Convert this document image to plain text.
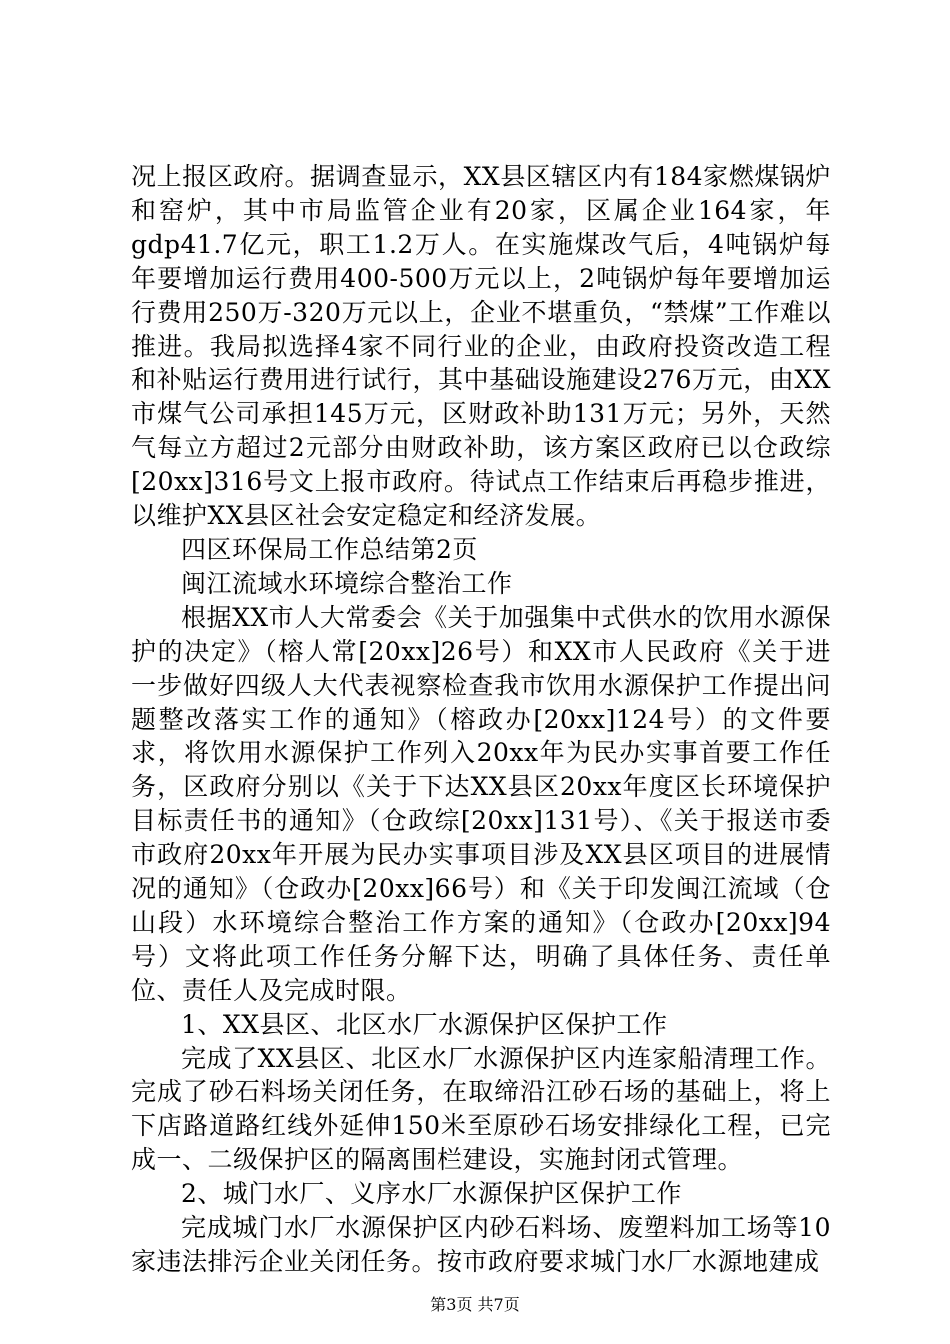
况上报区政府。据调查显示，XX县区辖区内有184家燃煤锅炉和窑炉，其中市局监管企业有20家，区属企业164家，年gdp41.7亿元，职工1.2万人。在实施煤改气后，4吨锅炉每年要增加运行费用400-500万元以上，2吨锅炉每年要增加运行费用250万-320万元以上，企业不堪重负，“禁煤”工作难以推进。我局拟选择4家不同行业的企业，由政府投资改造工程和补贴运行费用进行试行，其中基础设施建设276万元，由XX市煤气公司承担145万元，区财政补助131万元；另外，天然气每立方超过2元部分由财政补助，该方案区政府已以仓政综[20xx]316号文上报市政府。待试点工作结束后再稳步推进，以维护XX县区社会安定稳定和经济发展。

四区环保局工作总结第2页

闽江流域水环境综合整治工作

根据XX市人大常委会《关于加强集中式供水的饮用水源保护的决定》（榕人常[20xx]26号）和XX市人民政府《关于进一步做好四级人大代表视察检查我市饮用水源保护工作提出问题整改落实工作的通知》（榕政办[20xx]124号）的文件要求，将饮用水源保护工作列入20xx年为民办实事首要工作任务，区政府分别以《关于下达XX县区20xx年度区长环境保护目标责任书的通知》（仓政综[20xx]131号）、《关于报送市委市政府20xx年开展为民办实事项目涉及XX县区项目的进展情况的通知》（仓政办[20xx]66号）和《关于印发闽江流域（仓山段）水环境综合整治工作方案的通知》（仓政办[20xx]94号）文将此项工作任务分解下达，明确了具体任务、责任单位、责任人及完成时限。

1、XX县区、北区水厂水源保护区保护工作

完成了XX县区、北区水厂水源保护区内连家船清理工作。完成了砂石料场关闭任务，在取缔沿江砂石场的基础上，将上下店路道路红线外延伸150米至原砂石场安排绿化工程，已完成一、二级保护区的隔离围栏建设，实施封闭式管理。

2、城门水厂、义序水厂水源保护区保护工作

完成城门水厂水源保护区内砂石料场、废塑料加工场等10家违法排污企业关闭任务。按市政府要求城门水厂水源地建成

第3页 共7页
